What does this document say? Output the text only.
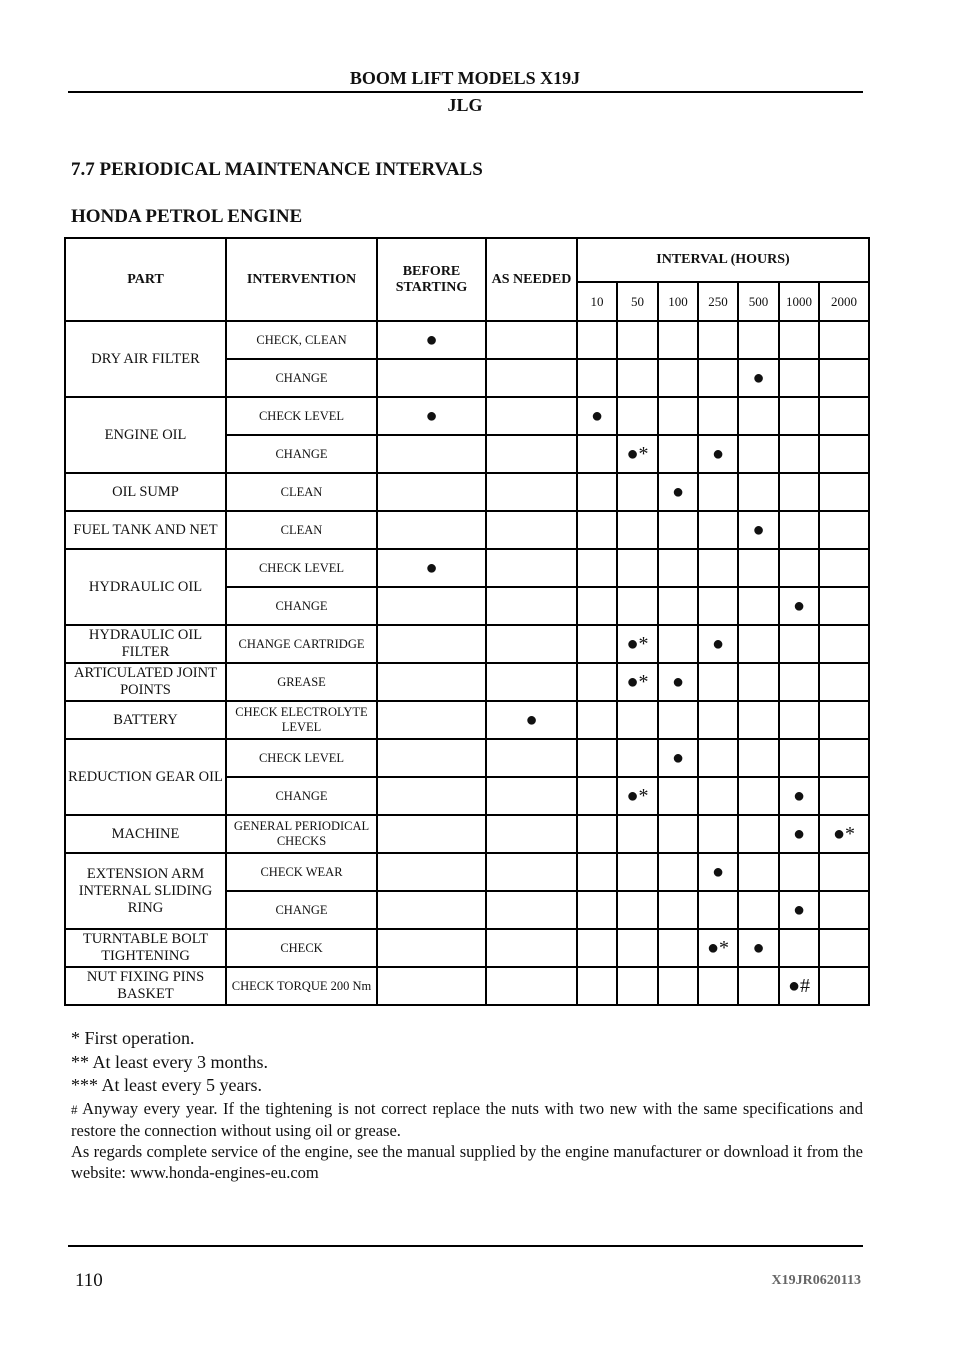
BOOM LIFT MODELS X19J
JLG
7.7 PERIODICAL MAINTENANCE INTERVALS
HONDA PETROL ENGINE
PART	INTERVENTION	BEFORE STARTING	AS NEEDED	INTERVAL (HOURS)						
				10	50	100	250	500	1000	2000
DRY AIR FILTER	CHECK, CLEAN	●								
	CHANGE							●		
ENGINE OIL	CHECK LEVEL	●		●						
	CHANGE				●*		●			
OIL SUMP	CLEAN					●				
FUEL TANK AND NET	CLEAN							●		
HYDRAULIC OIL	CHECK LEVEL	●								
	CHANGE								●	
HYDRAULIC OIL FILTER	CHANGE CARTRIDGE				●*		●			
ARTICULATED JOINT POINTS	GREASE				●*	●				
BATTERY	CHECK ELECTROLYTE LEVEL		●							
REDUCTION GEAR OIL	CHECK LEVEL					●				
	CHANGE				●*				●	
MACHINE	GENERAL PERIODICAL CHECKS								●	●*
EXTENSION ARM INTERNAL SLIDING RING	CHECK WEAR						●			
	CHANGE								●	
TURNTABLE BOLT TIGHTENING	CHECK						●*	●		
NUT FIXING PINS BASKET	CHECK TORQUE 200 Nm								●#	
* First operation.
** At least every 3 months.
*** At least every 5 years.
# Anyway every year. If the tightening is not correct replace the nuts with two new with the same specifications and restore the connection without using oil or grease.
As regards complete service of the engine, see the manual supplied by the engine manufacturer or download it from the website: www.honda-engines-eu.com
110	X19JR0620113
